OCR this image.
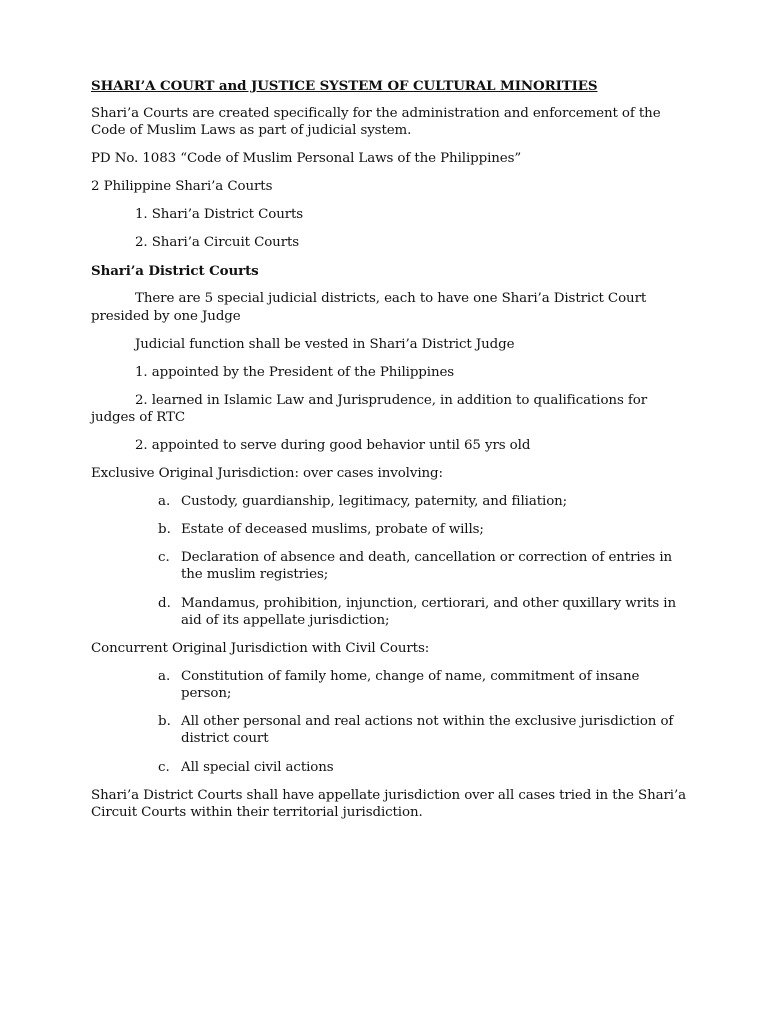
SHARI’A COURT and JUSTICE SYSTEM OF CULTURAL MINORITIES
Shari’a Courts are created specifically for the administration and enforcement of the
Code of Muslim Laws as part of judicial system.
PD No. 1083 “Code of Muslim Personal Laws of the Philippines”
2 Philippine Shari’a Courts
1. Shari’a District Courts
2. Shari’a Circuit Courts
Shari’a District Courts
There are 5 special judicial districts, each to have one Shari’a District Court
presided by one Judge
Judicial function shall be vested in Shari’a District Judge
1. appointed by the President of the Philippines
2. learned in Islamic Law and Jurisprudence, in addition to qualifications for
judges of RTC
2. appointed to serve during good behavior until 65 yrs old
Exclusive Original Jurisdiction: over cases involving:
a. Custody, guardianship, legitimacy, paternity, and filiation;
b. Estate of deceased muslims, probate of wills;
c. Declaration of absence and death, cancellation or correction of entries in
the muslim registries;
d. Mandamus, prohibition, injunction, certiorari, and other quxillary writs in
aid of its appellate jurisdiction;
Concurrent Original Jurisdiction with Civil Courts:
a. Constitution of family home, change of name, commitment of insane
person;
b. All other personal and real actions not within the exclusive jurisdiction of
district court
c. All special civil actions
Shari’a District Courts shall have appellate jurisdiction over all cases tried in the Shari’a
Circuit Courts within their territorial jurisdiction.
